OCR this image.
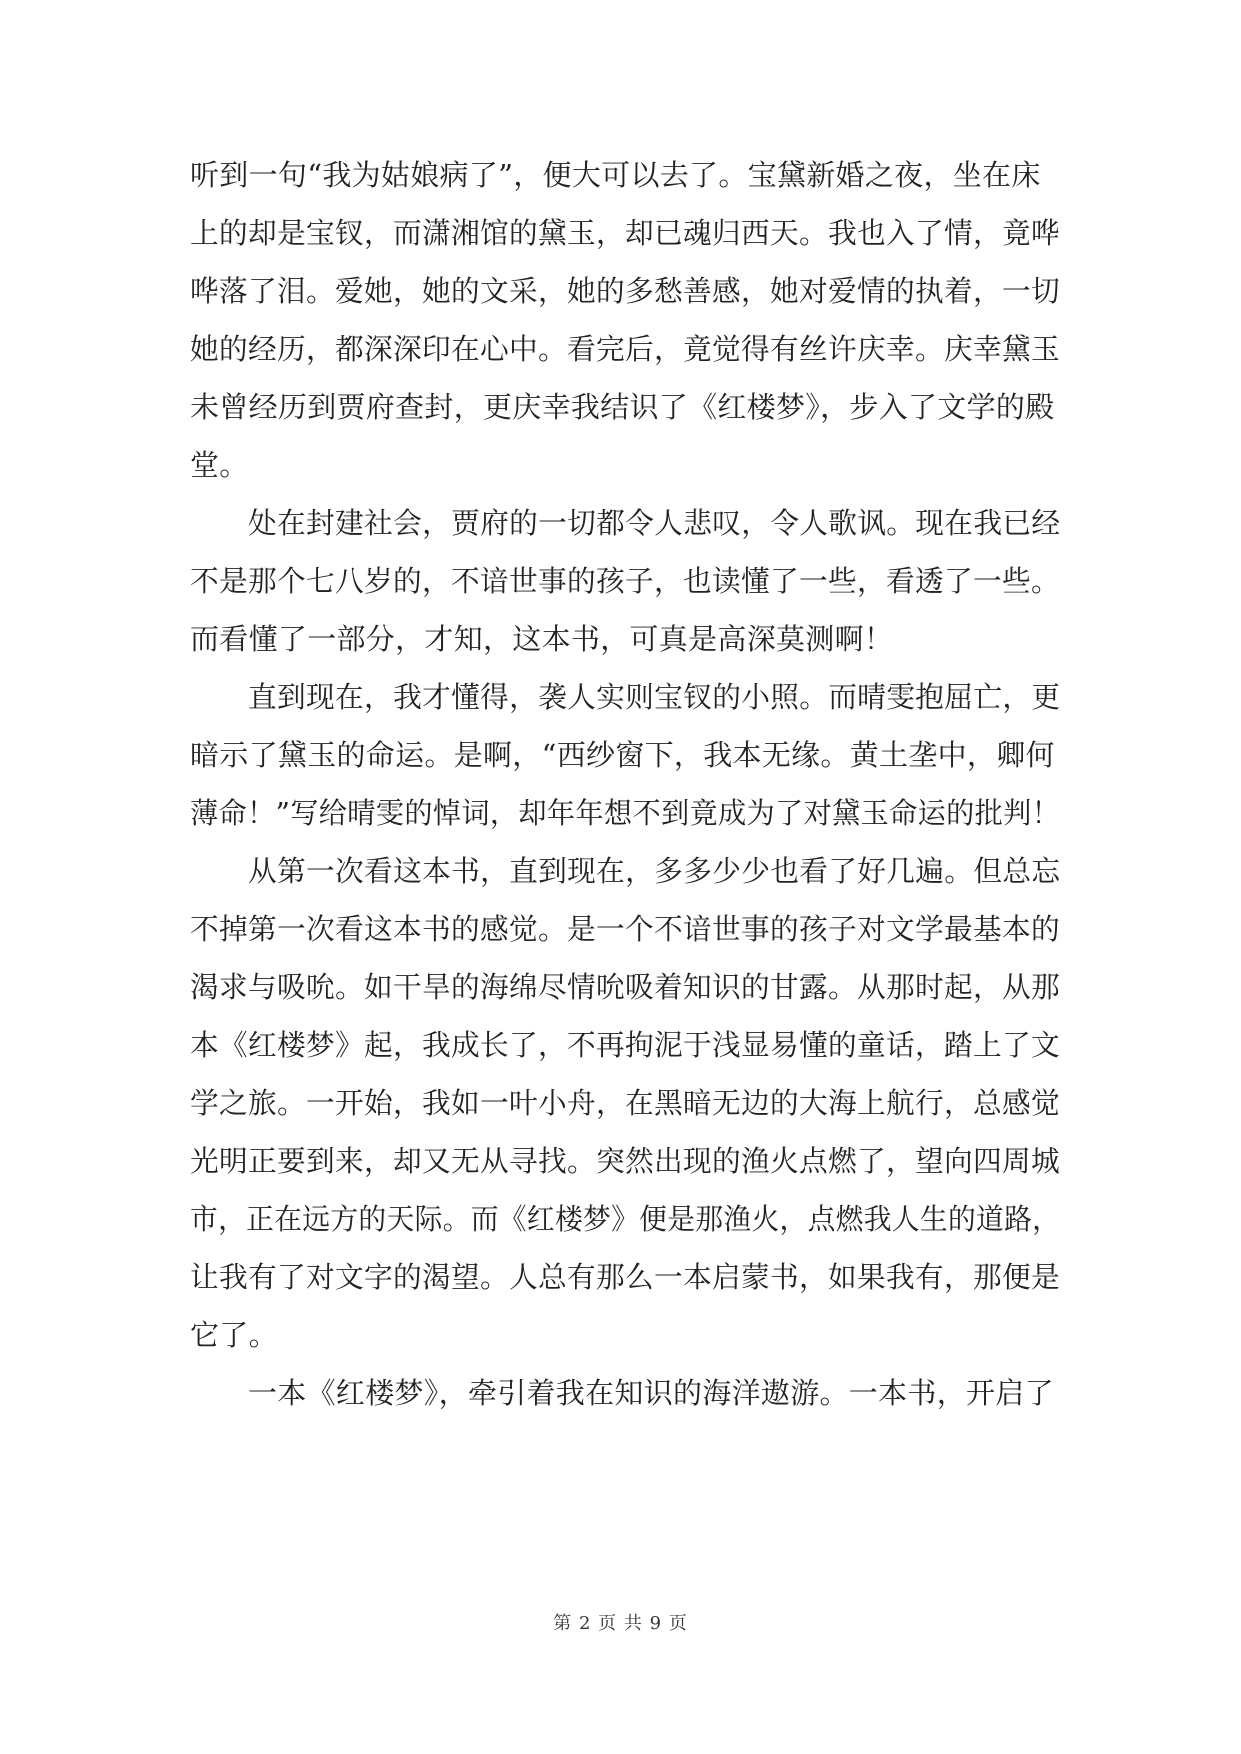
听到一句“我为姑娘病了”，便大可以去了。宝黛新婚之夜，坐在床
上的却是宝钗，而潇湘馆的黛玉，却已魂归西天。我也入了情，竟哗
哗落了泪。爱她，她的文采，她的多愁善感，她对爱情的执着，一切
她的经历，都深深印在心中。看完后，竟觉得有丝许庆幸。庆幸黛玉
未曾经历到贾府查封，更庆幸我结识了《红楼梦》，步入了文学的殿
堂。
处在封建社会，贾府的一切都令人悲叹，令人歌讽。现在我已经
不是那个七八岁的，不谙世事的孩子，也读懂了一些，看透了一些。
而看懂了一部分，才知，这本书，可真是高深莫测啊！
直到现在，我才懂得，袭人实则宝钗的小照。而晴雯抱屈亡，更
暗示了黛玉的命运。是啊，“西纱窗下，我本无缘。黄土垄中，卿何
薄命！”写给晴雯的悼词，却年年想不到竟成为了对黛玉命运的批判！
从第一次看这本书，直到现在，多多少少也看了好几遍。但总忘
不掉第一次看这本书的感觉。是一个不谙世事的孩子对文学最基本的
渴求与吸吮。如干旱的海绵尽情吮吸着知识的甘露。从那时起，从那
本《红楼梦》起，我成长了，不再拘泥于浅显易懂的童话，踏上了文
学之旅。一开始，我如一叶小舟，在黑暗无边的大海上航行，总感觉
光明正要到来，却又无从寻找。突然出现的渔火点燃了，望向四周城
市，正在远方的天际。而《红楼梦》便是那渔火，点燃我人生的道路，
让我有了对文字的渴望。人总有那么一本启蒙书，如果我有，那便是
它了。
一本《红楼梦》，牵引着我在知识的海洋遨游。一本书，开启了
第 2 页 共 9 页
